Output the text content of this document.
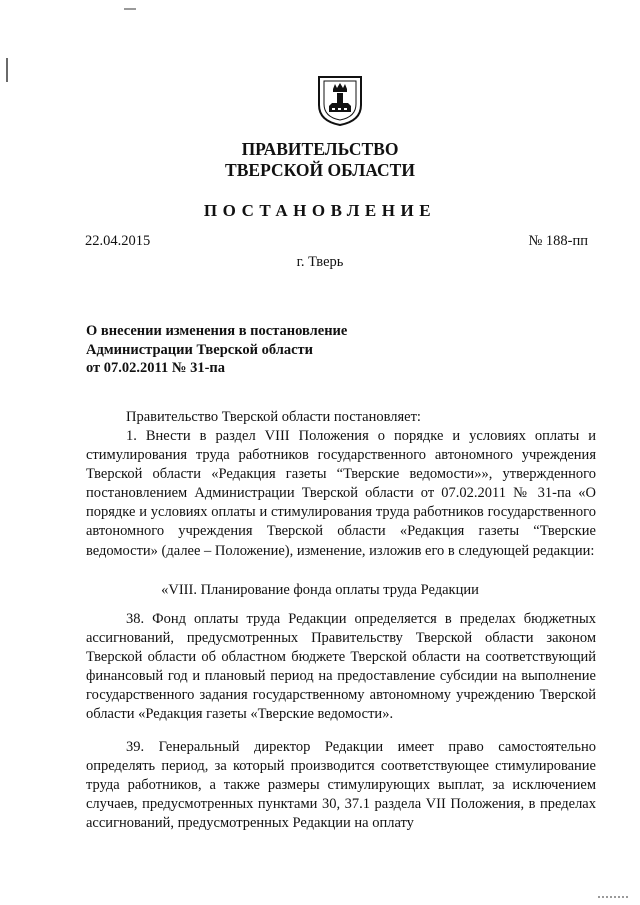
ПРАВИТЕЛЬСТВО
ТВЕРСКОЙ ОБЛАСТИ
ПОСТАНОВЛЕНИЕ
22.04.2015	№ 188-пп
г. Тверь
О внесении изменения в постановление
Администрации Тверской области
от 07.02.2011 № 31-па
Правительство Тверской области постановляет:
1. Внести в раздел VIII Положения о порядке и условиях оплаты и стимулирования труда работников государственного автономного учреждения Тверской области «Редакция газеты “Тверские ведомости»», утвержденного постановлением Администрации Тверской области от 07.02.2011 № 31-па «О порядке и условиях оплаты и стимулирования труда работников государственного автономного учреждения Тверской области «Редакция газеты “Тверские ведомости» (далее – Положение), изменение, изложив его в следующей редакции:
«VIII. Планирование фонда оплаты труда Редакции
38. Фонд оплаты труда Редакции определяется в пределах бюджетных ассигнований, предусмотренных Правительству Тверской области законом Тверской области об областном бюджете Тверской области на соответствующий финансовый год и плановый период на предоставление субсидии на выполнение государственного задания государственному автономному учреждению Тверской области «Редакция газеты «Тверские ведомости».
39. Генеральный директор Редакции имеет право самостоятельно определять период, за который производится соответствующее стимулирование труда работников, а также размеры стимулирующих выплат, за исключением случаев, предусмотренных пунктами 30, 37.1 раздела VII Положения, в пределах ассигнований, предусмотренных Редакции на оплату
